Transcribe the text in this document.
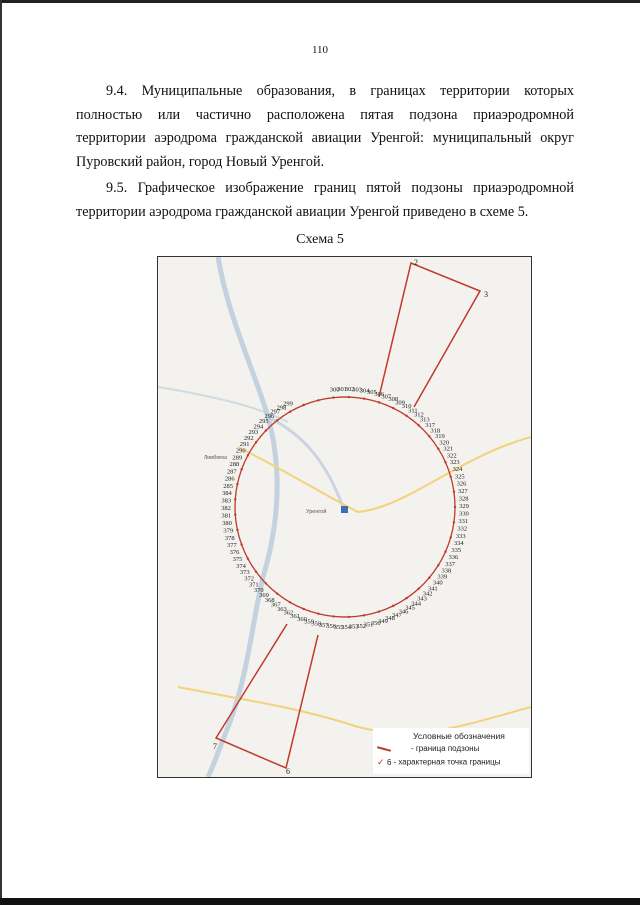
110
9.4. Муниципальные образования, в границах территории которых полностью или частично расположена пятая подзона приаэродромной территории аэродрома гражданской авиации Уренгой: муниципальный округ Пуровский район, город Новый Уренгой.
9.5. Графическое изображение границ пятой подзоны приаэродромной территории аэродрома гражданской авиации Уренгой приведено в схеме 5.
Схема 5
300
301
302
303
304
305
306
307
308
309
310
311
312
313
317
318
319
320
321
322
323
324
325
326
327
328
329
330
331
332
333
334
335
336
337
338
339
340
341
342
343
344
345
346
347
348
349
350
351
352
353
354
355
356
357
358
359
360
361
362
363
367
368
369
370
371
372
373
374
375
376
377
378
379
380
381
382
383
384
285
286
287
288
289
290
291
292
293
294
295
296
297
298
299
2
3
6
7
Уренгой
Лимбяяха
Условные обозначения
- граница подзоны
✓ 6 - характерная точка границы
